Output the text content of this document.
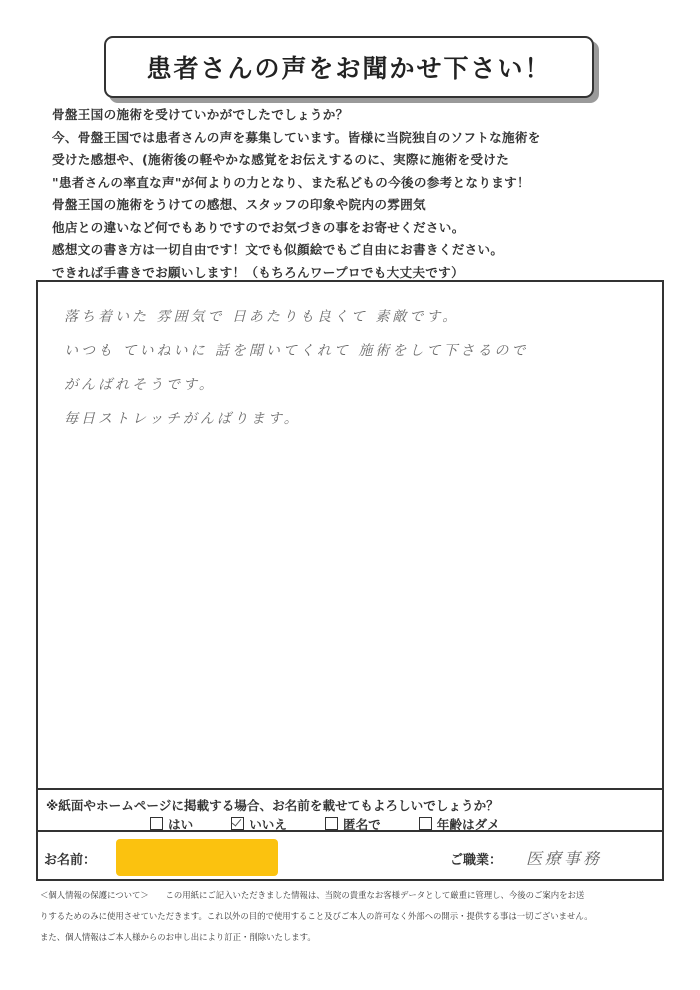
患者さんの声をお聞かせ下さい！
骨盤王国の施術を受けていかがでしたでしょうか？
今、骨盤王国では患者さんの声を募集しています。皆様に当院独自のソフトな施術を
受けた感想や、(施術後の軽やかな感覚をお伝えするのに、実際に施術を受けた
"患者さんの率直な声"が何よりの力となり、また私どもの今後の参考となります！
骨盤王国の施術をうけての感想、スタッフの印象や院内の雰囲気
他店との違いなど何でもありですのでお気づきの事をお寄せください。
感想文の書き方は一切自由です！文でも似顔絵でもご自由にお書きください。
できれば手書きでお願いします！（もちろんワープロでも大丈夫です）
落ち着いた 雰囲気で 日あたりも良くて 素敵です。
いつも ていねいに 話を聞いてくれて 施術をして下さるので
がんばれそうです。
毎日ストレッチがんばります。
※紙面やホームページに掲載する場合、お名前を載せてもよろしいでしょうか？
はい	いいえ	匿名で	年齢はダメ
お名前：	ご職業： 医療事務
＜個人情報の保護について＞　　この用紙にご記入いただきました情報は、当院の貴重なお客様データとして厳重に管理し、今後のご案内をお送
りするためのみに使用させていただきます。これ以外の目的で使用すること及びご本人の許可なく外部への開示・提供する事は一切ございません。
また、個人情報はご本人様からのお申し出により訂正・削除いたします。
